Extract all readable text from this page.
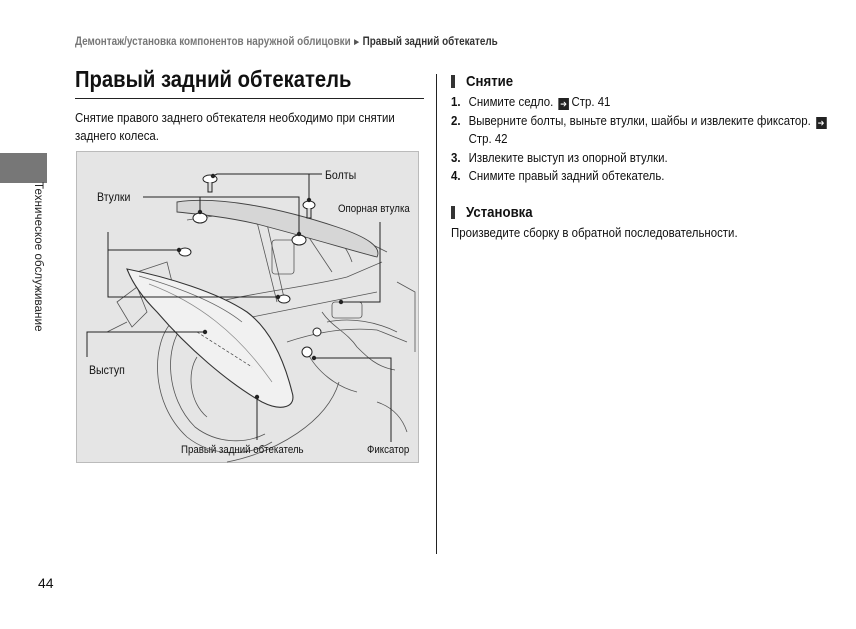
Демонтаж/установка компонентов наружной облицовки ► Правый задний обтекатель
Правый задний обтекатель
Снятие правого заднего обтекателя необходимо при снятии заднего колеса.
Техническое обслуживание
Болты
Втулки
Опорная втулка
Выступ
Правый задний обтекатель	Фиксатор
Снятие
1. Снимите седло. ➔ Стр. 41
2. Выверните болты, выньте втулки, шайбы и извлеките фиксатор. ➔Стр. 42
3. Извлеките выступ из опорной втулки.
4. Снимите правый задний обтекатель.
Установка
Произведите сборку в обратной последовательности.
44
